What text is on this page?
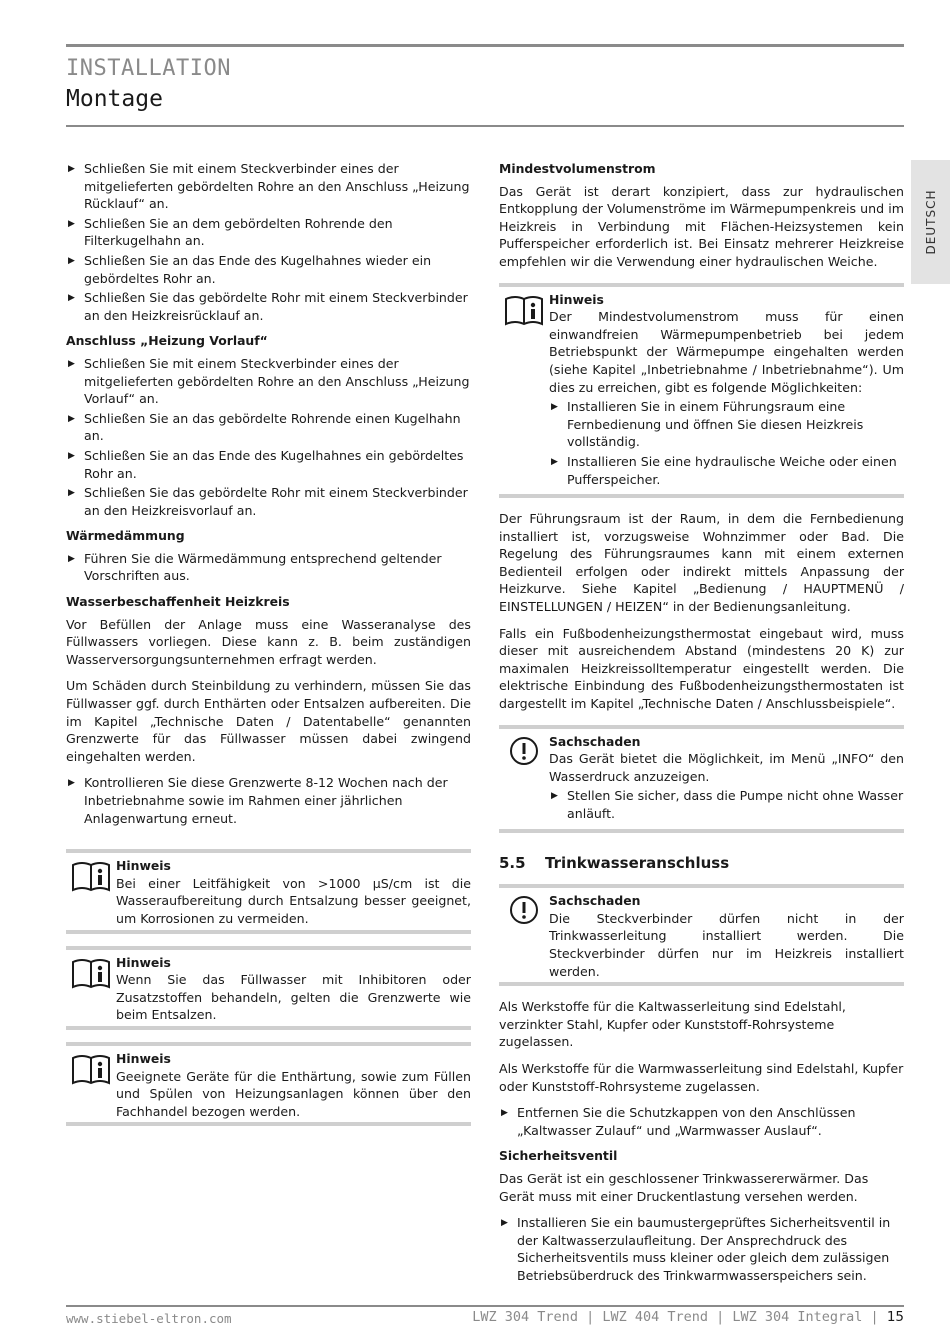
INSTALLATION
Montage
DEUTSCH
▶ Schließen Sie mit einem Steckverbinder eines der mitgelieferten gebördelten Rohre an den Anschluss „Heizung Rücklauf“ an.
▶ Schließen Sie an dem gebördelten Rohrende den Filterkugelhahn an.
▶ Schließen Sie an das Ende des Kugelhahnes wieder ein gebördeltes Rohr an.
▶ Schließen Sie das gebördelte Rohr mit einem Steckverbinder an den Heizkreisrücklauf an.
Anschluss „Heizung Vorlauf“
▶ Schließen Sie mit einem Steckverbinder eines der mitgelieferten gebördelten Rohre an den Anschluss „Heizung Vorlauf“ an.
▶ Schließen Sie an das gebördelte Rohrende einen Kugelhahn an.
▶ Schließen Sie an das Ende des Kugelhahnes ein gebördeltes Rohr an.
▶ Schließen Sie das gebördelte Rohr mit einem Steckverbinder an den Heizkreisvorlauf an.
Wärmedämmung
▶ Führen Sie die Wärmedämmung entsprechend geltender Vorschriften aus.
Wasserbeschaffenheit Heizkreis
Vor Befüllen der Anlage muss eine Wasseranalyse des Füllwassers vorliegen. Diese kann z. B. beim zuständigen Wasserversorgungsunternehmen erfragt werden.
Um Schäden durch Steinbildung zu verhindern, müssen Sie das Füllwasser ggf. durch Enthärten oder Entsalzen aufbereiten. Die im Kapitel „Technische Daten / Datentabelle“ genannten Grenzwerte für das Füllwasser müssen dabei zwingend eingehalten werden.
▶ Kontrollieren Sie diese Grenzwerte 8-12 Wochen nach der Inbetriebnahme sowie im Rahmen einer jährlichen Anlagenwartung erneut.
Hinweis
Bei einer Leitfähigkeit von >1000 µS/cm ist die Wasseraufbereitung durch Entsalzung besser geeignet, um Korrosionen zu vermeiden.
Hinweis
Wenn Sie das Füllwasser mit Inhibitoren oder Zusatzstoffen behandeln, gelten die Grenzwerte wie beim Entsalzen.
Hinweis
Geeignete Geräte für die Enthärtung, sowie zum Füllen und Spülen von Heizungsanlagen können über den Fachhandel bezogen werden.
Mindestvolumenstrom
Das Gerät ist derart konzipiert, dass zur hydraulischen Entkopplung der Volumenströme im Wärmepumpenkreis und im Heizkreis in Verbindung mit Flächen-Heizsystemen kein Pufferspeicher erforderlich ist. Bei Einsatz mehrerer Heizkreise empfehlen wir die Verwendung einer hydraulischen Weiche.
Hinweis
Der Mindestvolumenstrom muss für einen einwandfreien Wärmepumpenbetrieb bei jedem Betriebspunkt der Wärmepumpe eingehalten werden (siehe Kapitel „Inbetriebnahme / Inbetriebnahme“). Um dies zu erreichen, gibt es folgende Möglichkeiten:
▶ Installieren Sie in einem Führungsraum eine Fernbedienung und öffnen Sie diesen Heizkreis vollständig.
▶ Installieren Sie eine hydraulische Weiche oder einen Pufferspeicher.
Der Führungsraum ist der Raum, in dem die Fernbedienung installiert ist, vorzugsweise Wohnzimmer oder Bad. Die Regelung des Führungsraumes kann mit einem externen Bedienteil erfolgen oder indirekt mittels Anpassung der Heizkurve. Siehe Kapitel „Bedienung / HAUPTMENÜ / EINSTELLUNGEN / HEIZEN“ in der Bedienungsanleitung.
Falls ein Fußbodenheizungsthermostat eingebaut wird, muss dieser mit ausreichendem Abstand (mindestens 20 K) zur maximalen Heizkreissolltemperatur eingestellt werden. Die elektrische Einbindung des Fußbodenheizungsthermostaten ist dargestellt im Kapitel „Technische Daten / Anschlussbeispiele“.
Sachschaden
Das Gerät bietet die Möglichkeit, im Menü „INFO“ den Wasserdruck anzuzeigen.
▶ Stellen Sie sicher, dass die Pumpe nicht ohne Wasser anläuft.
5.5	Trinkwasseranschluss
Sachschaden
Die Steckverbinder dürfen nicht in der Trinkwasserleitung installiert werden. Die Steckverbinder dürfen nur im Heizkreis installiert werden.
Als Werkstoffe für die Kaltwasserleitung sind Edelstahl, verzinkter Stahl, Kupfer oder Kunststoff-Rohrsysteme zugelassen.
Als Werkstoffe für die Warmwasserleitung sind Edelstahl, Kupfer oder Kunststoff-Rohrsysteme zugelassen.
▶ Entfernen Sie die Schutzkappen von den Anschlüssen „Kaltwasser Zulauf“ und „Warmwasser Auslauf“.
Sicherheitsventil
Das Gerät ist ein geschlossener Trinkwassererwärmer. Das Gerät muss mit einer Druckentlastung versehen werden.
▶ Installieren Sie ein baumustergeprüftes Sicherheitsventil in der Kaltwasserzulaufleitung. Der Ansprechdruck des Sicherheitsventils muss kleiner oder gleich dem zulässigen Betriebsüberdruck des Trinkwarmwasserspeichers sein.
www.stiebel-eltron.com	LWZ 304 Trend | LWZ 404 Trend | LWZ 304 Integral | 15
